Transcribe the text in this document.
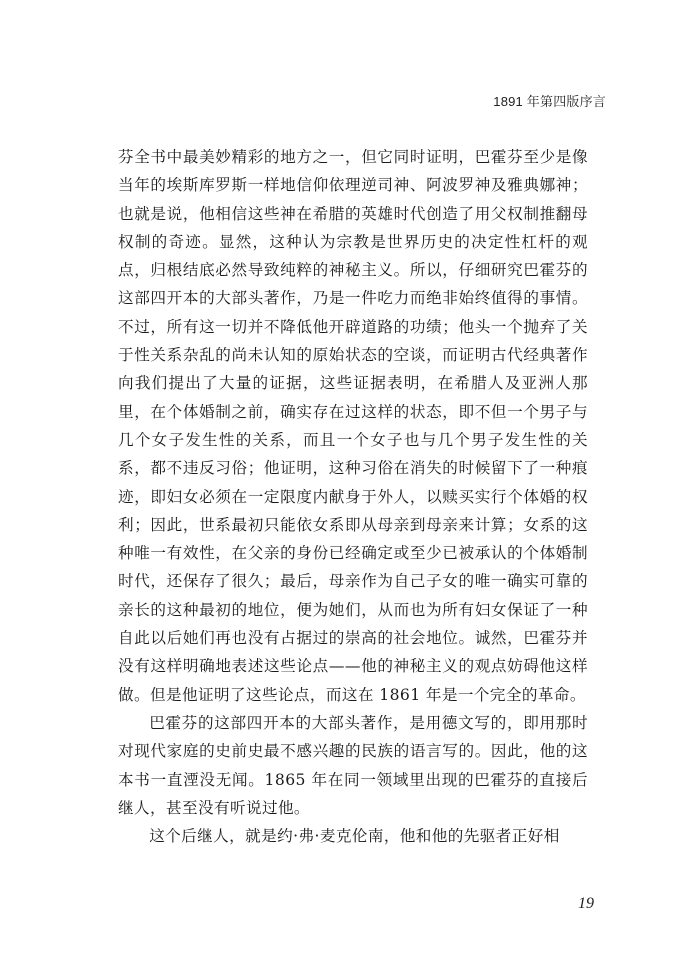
1891 年第四版序言

芬全书中最美妙精彩的地方之一，但它同时证明，巴霍芬至少是像当年的埃斯库罗斯一样地信仰依理逆司神、阿波罗神及雅典娜神；也就是说，他相信这些神在希腊的英雄时代创造了用父权制推翻母权制的奇迹。显然，这种认为宗教是世界历史的决定性杠杆的观点，归根结底必然导致纯粹的神秘主义。所以，仔细研究巴霍芬的这部四开本的大部头著作，乃是一件吃力而绝非始终值得的事情。不过，所有这一切并不降低他开辟道路的功绩；他头一个抛弃了关于性关系杂乱的尚未认知的原始状态的空谈，而证明古代经典著作向我们提出了大量的证据，这些证据表明，在希腊人及亚洲人那里，在个体婚制之前，确实存在过这样的状态，即不但一个男子与几个女子发生性的关系，而且一个女子也与几个男子发生性的关系，都不违反习俗；他证明，这种习俗在消失的时候留下了一种痕迹，即妇女必须在一定限度内献身于外人，以赎买实行个体婚的权利；因此，世系最初只能依女系即从母亲到母亲来计算；女系的这种唯一有效性，在父亲的身份已经确定或至少已被承认的个体婚制时代，还保存了很久；最后，母亲作为自己子女的唯一确实可靠的亲长的这种最初的地位，便为她们，从而也为所有妇女保证了一种自此以后她们再也没有占据过的崇高的社会地位。诚然，巴霍芬并没有这样明确地表述这些论点——他的神秘主义的观点妨碍他这样做。但是他证明了这些论点，而这在 1861 年是一个完全的革命。

巴霍芬的这部四开本的大部头著作，是用德文写的，即用那时对现代家庭的史前史最不感兴趣的民族的语言写的。因此，他的这本书一直湮没无闻。1865 年在同一领域里出现的巴霍芬的直接后继人，甚至没有听说过他。

这个后继人，就是约·弗·麦克伦南，他和他的先驱者正好相

19
